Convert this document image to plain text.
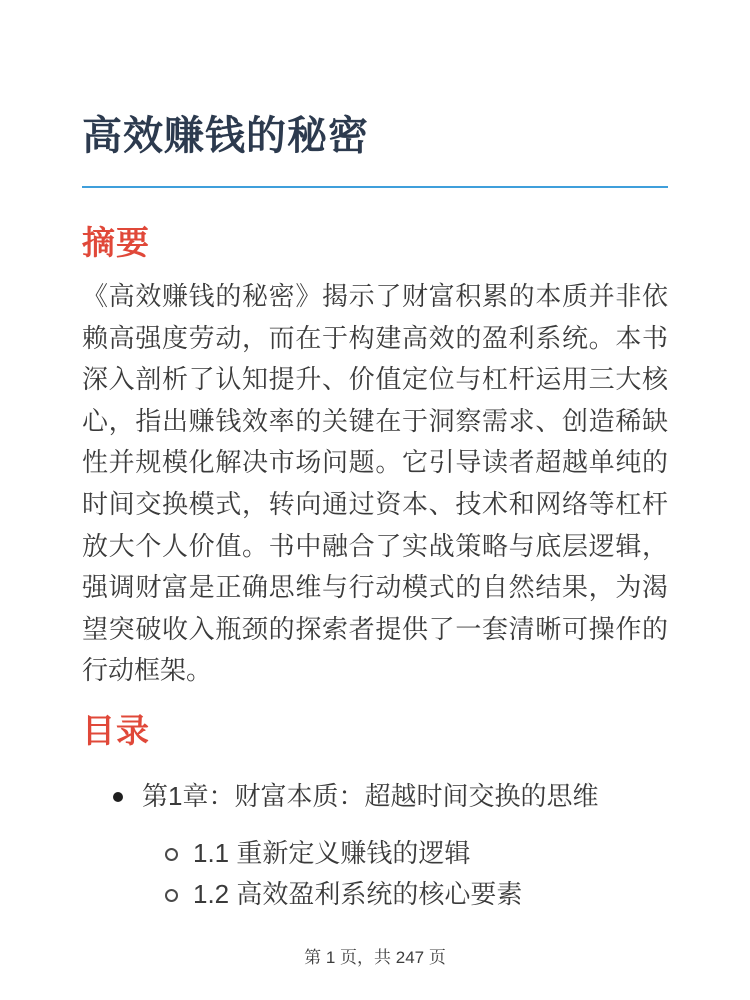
高效赚钱的秘密
摘要

《高效赚钱的秘密》揭示了财富积累的本质并非依赖高强度劳动，而在于构建高效的盈利系统。本书深入剖析了认知提升、价值定位与杠杆运用三大核心，指出赚钱效率的关键在于洞察需求、创造稀缺性并规模化解决市场问题。它引导读者超越单纯的时间交换模式，转向通过资本、技术和网络等杠杆放大个人价值。书中融合了实战策略与底层逻辑，强调财富是正确思维与行动模式的自然结果，为渴望突破收入瓶颈的探索者提供了一套清晰可操作的行动框架。

目录
第1章：财富本质：超越时间交换的思维
1.1 重新定义赚钱的逻辑
1.2 高效盈利系统的核心要素
第 1 页，共 247 页
